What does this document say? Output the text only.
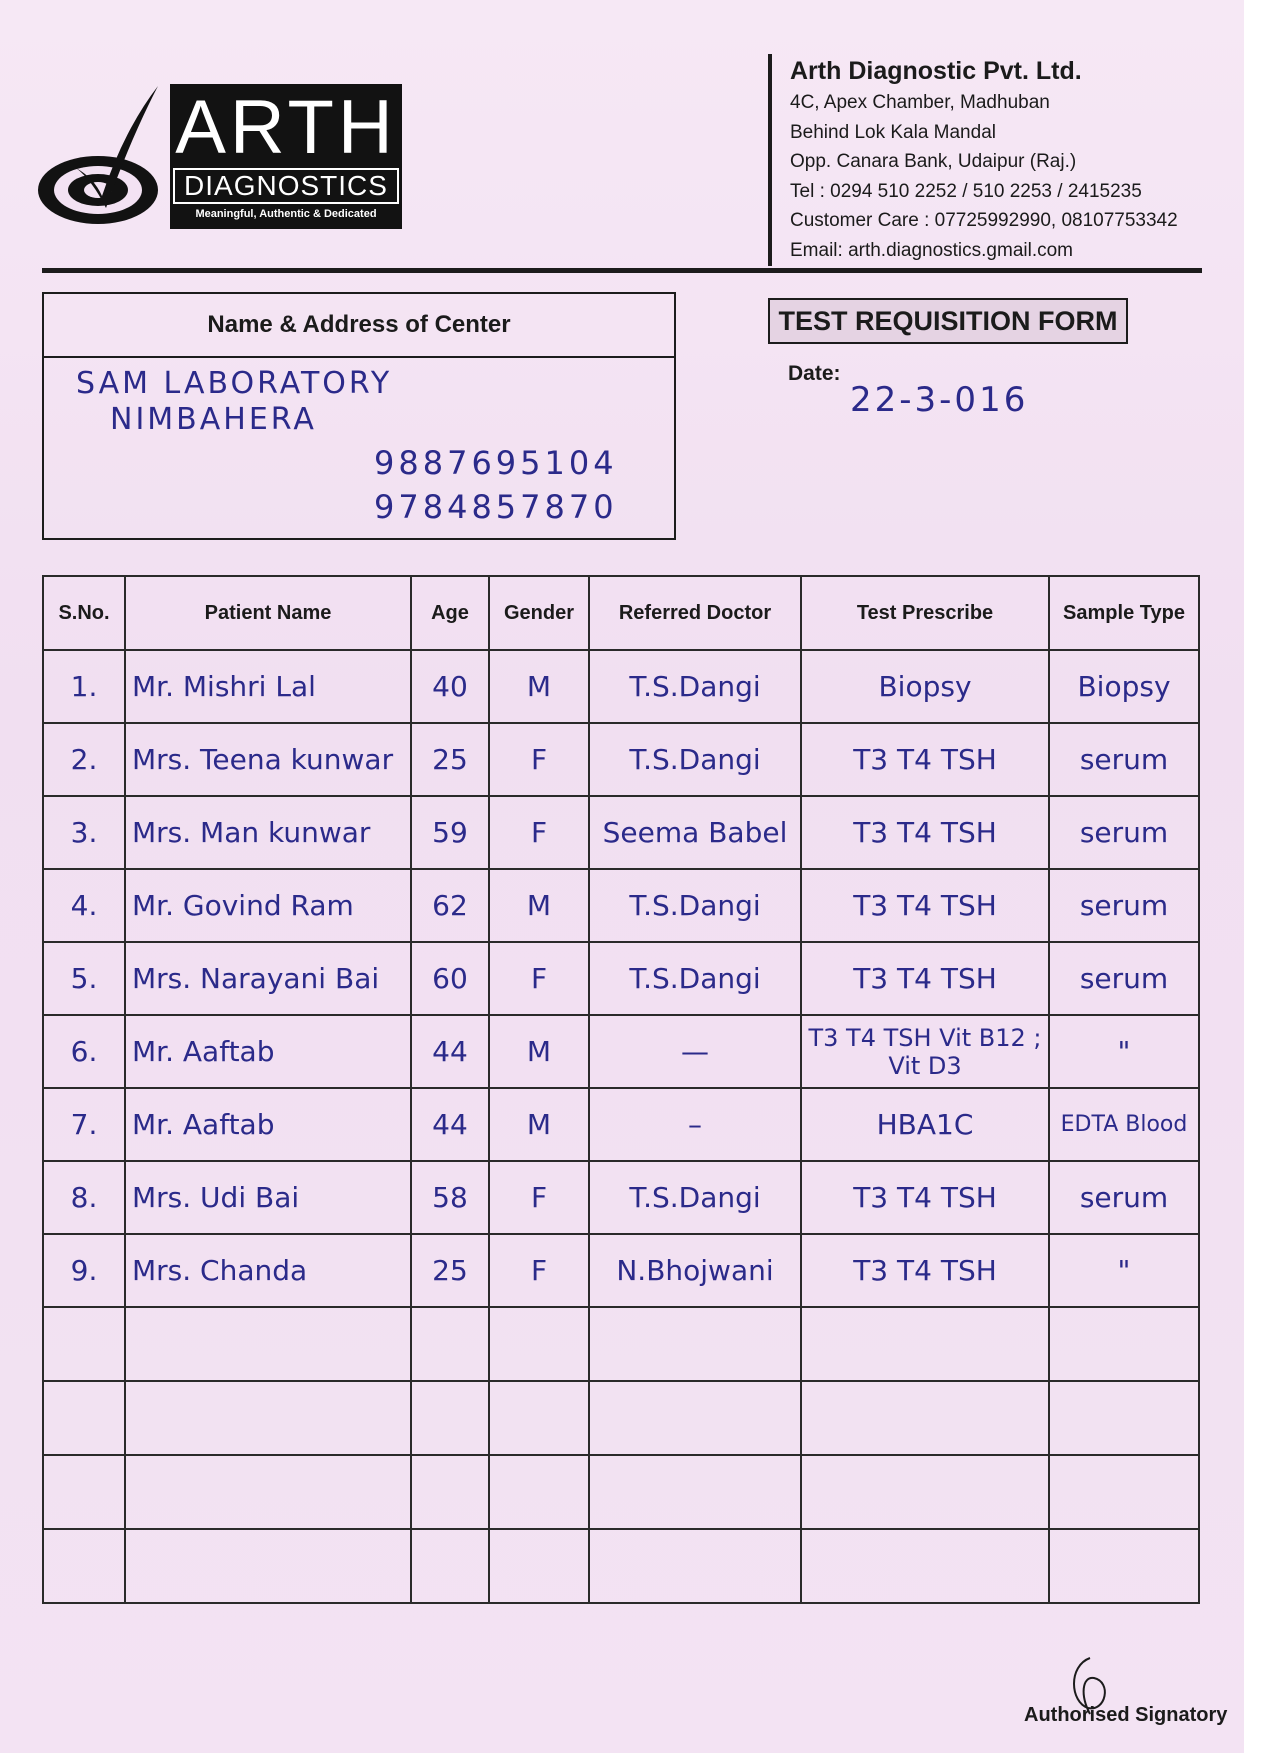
ARTH
DIAGNOSTICS
Meaningful, Authentic & Dedicated
Arth Diagnostic Pvt. Ltd.
4C, Apex Chamber, Madhuban
Behind Lok Kala Mandal
Opp. Canara Bank, Udaipur (Raj.)
Tel : 0294 510 2252 / 510 2253 / 2415235
Customer Care : 07725992990, 08107753342
Email: arth.diagnostics.gmail.com
Name & Address of Center
SAM LABORATORY
NIMBAHERA
9887695104
9784857870
TEST REQUISITION FORM
Date:
22-3-016
S.No.	Patient Name	Age	Gender	Referred Doctor	Test Prescribe	Sample Type
1.	Mr. Mishri Lal	40	M	T.S.Dangi	Biopsy	Biopsy
2.	Mrs. Teena kunwar	25	F	T.S.Dangi	T3 T4 TSH	serum
3.	Mrs. Man kunwar	59	F	Seema Babel	T3 T4 TSH	serum
4.	Mr. Govind Ram	62	M	T.S.Dangi	T3 T4 TSH	serum
5.	Mrs. Narayani Bai	60	F	T.S.Dangi	T3 T4 TSH	serum
6.	Mr. Aaftab	44	M	—	T3 T4 TSH Vit B12 ; Vit D3	"
7.	Mr. Aaftab	44	M	–	HBA1C	EDTA Blood
8.	Mrs. Udi Bai	58	F	T.S.Dangi	T3 T4 TSH	serum
9.	Mrs. Chanda	25	F	N.Bhojwani	T3 T4 TSH	"

Authorised Signatory
